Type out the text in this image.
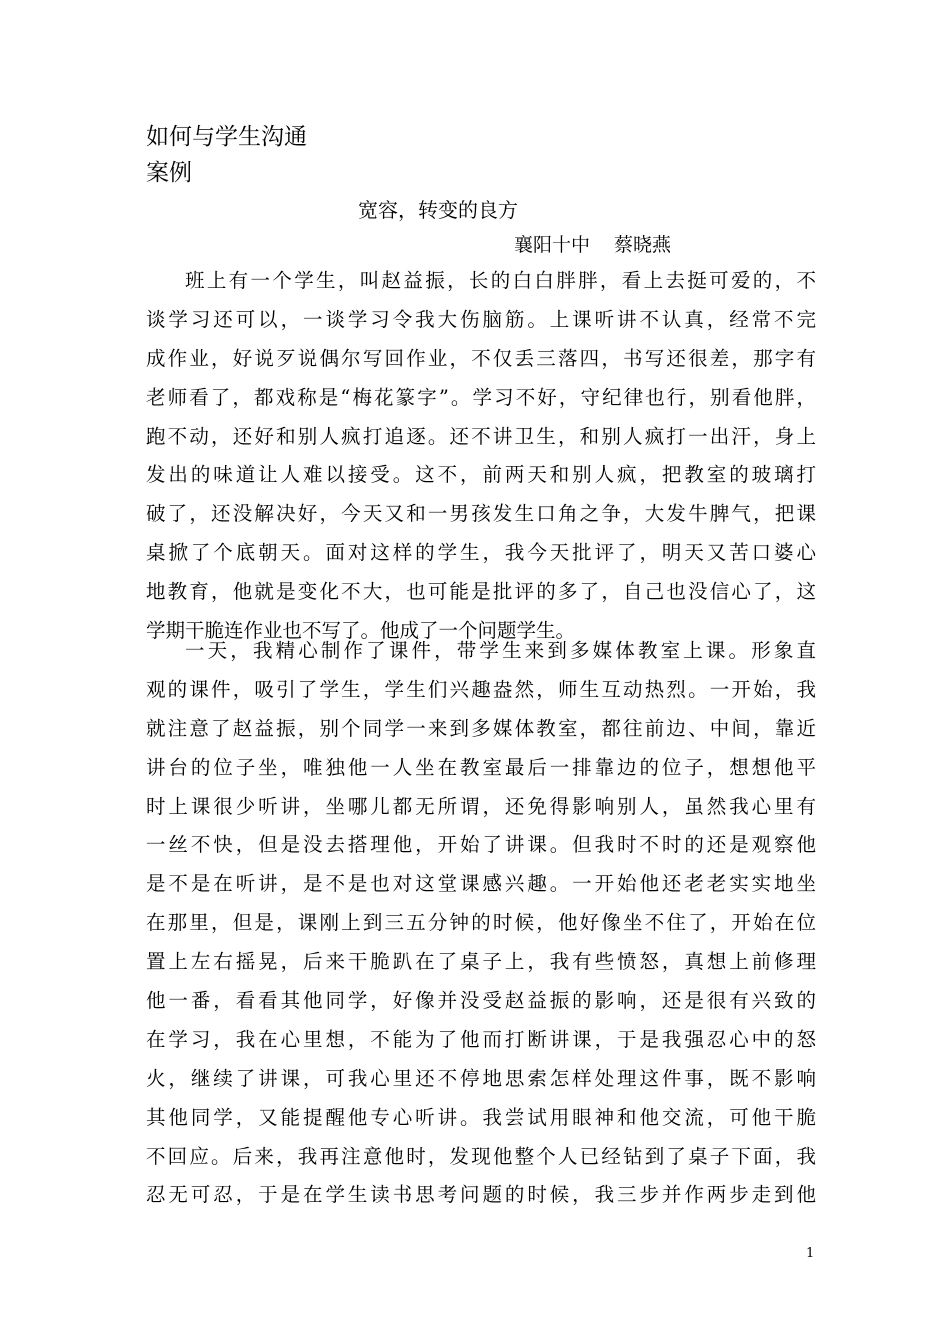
如何与学生沟通
案例
宽容，转变的良方
襄阳十中 蔡晓燕
班上有一个学生，叫赵益振，长的白白胖胖，看上去挺可爱的，不
谈学习还可以，一谈学习令我大伤脑筋。上课听讲不认真，经常不完
成作业，好说歹说偶尔写回作业，不仅丢三落四，书写还很差，那字有
老师看了，都戏称是“梅花篆字”。学习不好，守纪律也行，别看他胖，
跑不动，还好和别人疯打追逐。还不讲卫生，和别人疯打一出汗，身上
发出的味道让人难以接受。这不，前两天和别人疯，把教室的玻璃打
破了，还没解决好，今天又和一男孩发生口角之争，大发牛脾气，把课
桌掀了个底朝天。面对这样的学生，我今天批评了，明天又苦口婆心
地教育，他就是变化不大，也可能是批评的多了，自己也没信心了，这
学期干脆连作业也不写了。他成了一个问题学生。
一天，我精心制作了课件，带学生来到多媒体教室上课。形象直
观的课件，吸引了学生，学生们兴趣盎然，师生互动热烈。一开始，我
就注意了赵益振，别个同学一来到多媒体教室，都往前边、中间，靠近
讲台的位子坐，唯独他一人坐在教室最后一排靠边的位子，想想他平
时上课很少听讲，坐哪儿都无所谓，还免得影响别人，虽然我心里有
一丝不快，但是没去搭理他，开始了讲课。但我时不时的还是观察他
是不是在听讲，是不是也对这堂课感兴趣。一开始他还老老实实地坐
在那里，但是，课刚上到三五分钟的时候，他好像坐不住了，开始在位
置上左右摇晃，后来干脆趴在了桌子上，我有些愤怒，真想上前修理
他一番，看看其他同学，好像并没受赵益振的影响，还是很有兴致的
在学习，我在心里想，不能为了他而打断讲课，于是我强忍心中的怒
火，继续了讲课，可我心里还不停地思索怎样处理这件事，既不影响
其他同学，又能提醒他专心听讲。我尝试用眼神和他交流，可他干脆
不回应。后来，我再注意他时，发现他整个人已经钻到了桌子下面，我
忍无可忍，于是在学生读书思考问题的时候，我三步并作两步走到他
1
